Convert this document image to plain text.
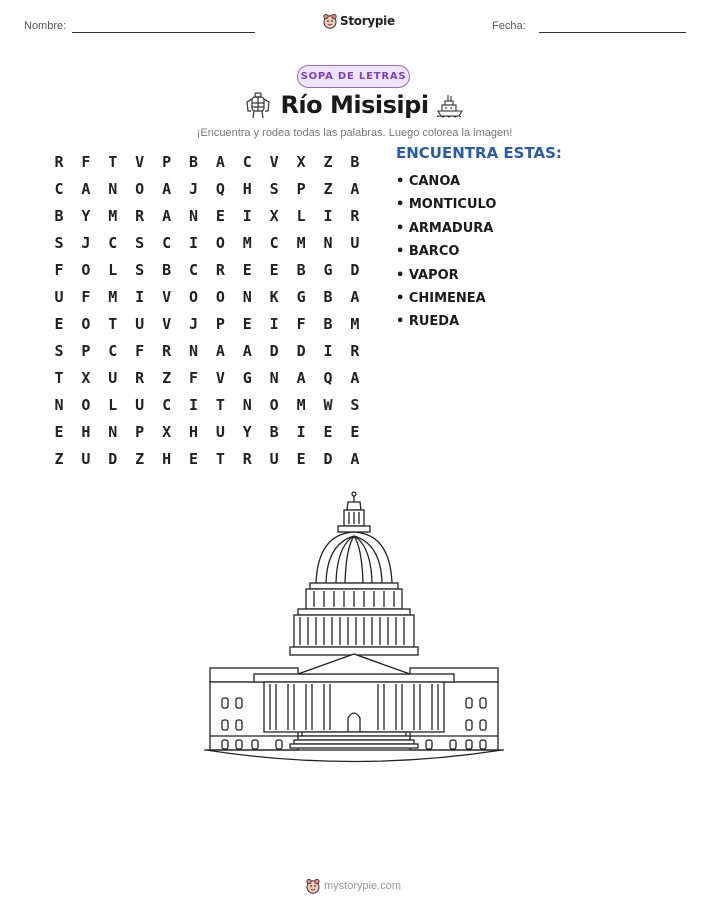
Nombre:	Storypie	Fecha:
SOPA DE LETRAS
Río Misisipi
¡Encuentra y rodea todas las palabras. Luego colorea la imagen!
R	F	T	V	P	B	A	C	V	X	Z	B
C	A	N	O	A	J	Q	H	S	P	Z	A
B	Y	M	R	A	N	E	I	X	L	I	R
S	J	C	S	C	I	O	M	C	M	N	U
F	O	L	S	B	C	R	E	E	B	G	D
U	F	M	I	V	O	O	N	K	G	B	A
E	O	T	U	V	J	P	E	I	F	B	M
S	P	C	F	R	N	A	A	D	D	I	R
T	X	U	R	Z	F	V	G	N	A	Q	A
N	O	L	U	C	I	T	N	O	M	W	S
E	H	N	P	X	H	U	Y	B	I	E	E
Z	U	D	Z	H	E	T	R	U	E	D	A
ENCUENTRA ESTAS:
• CANOA
• MONTICULO
• ARMADURA
• BARCO
• VAPOR
• CHIMENEA
• RUEDA
mystorypie.com
